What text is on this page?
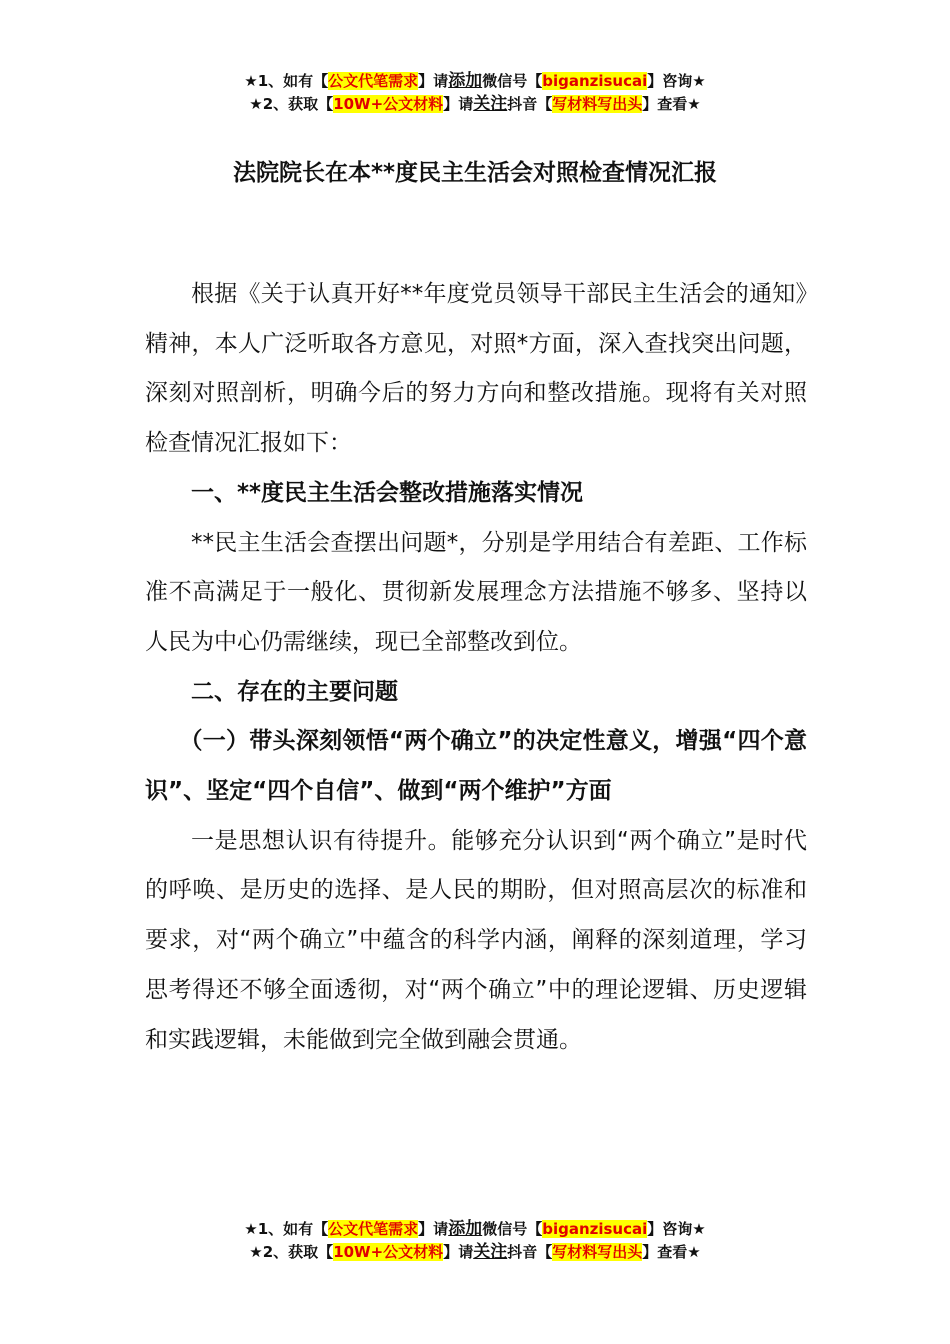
★1、如有【公文代笔需求】请添加微信号【biganzisucai】咨询★
★2、获取【10W+公文材料】请关注抖音【写材料写出头】查看★
法院院长在本**度民主生活会对照检查情况汇报

根据《关于认真开好**年度党员领导干部民主生活会的通知》精神，本人广泛听取各方意见，对照*方面，深入查找突出问题，深刻对照剖析，明确今后的努力方向和整改措施。现将有关对照检查情况汇报如下：

一、**度民主生活会整改措施落实情况

**民主生活会查摆出问题*，分别是学用结合有差距、工作标准不高满足于一般化、贯彻新发展理念方法措施不够多、坚持以人民为中心仍需继续，现已全部整改到位。

二、存在的主要问题

（一）带头深刻领悟“两个确立”的决定性意义，增强“四个意识”、坚定“四个自信”、做到“两个维护”方面

一是思想认识有待提升。能够充分认识到“两个确立”是时代的呼唤、是历史的选择、是人民的期盼，但对照高层次的标准和要求，对“两个确立”中蕴含的科学内涵，阐释的深刻道理，学习思考得还不够全面透彻，对“两个确立”中的理论逻辑、历史逻辑和实践逻辑，未能做到完全做到融会贯通。

★1、如有【公文代笔需求】请添加微信号【biganzisucai】咨询★
★2、获取【10W+公文材料】请关注抖音【写材料写出头】查看★
